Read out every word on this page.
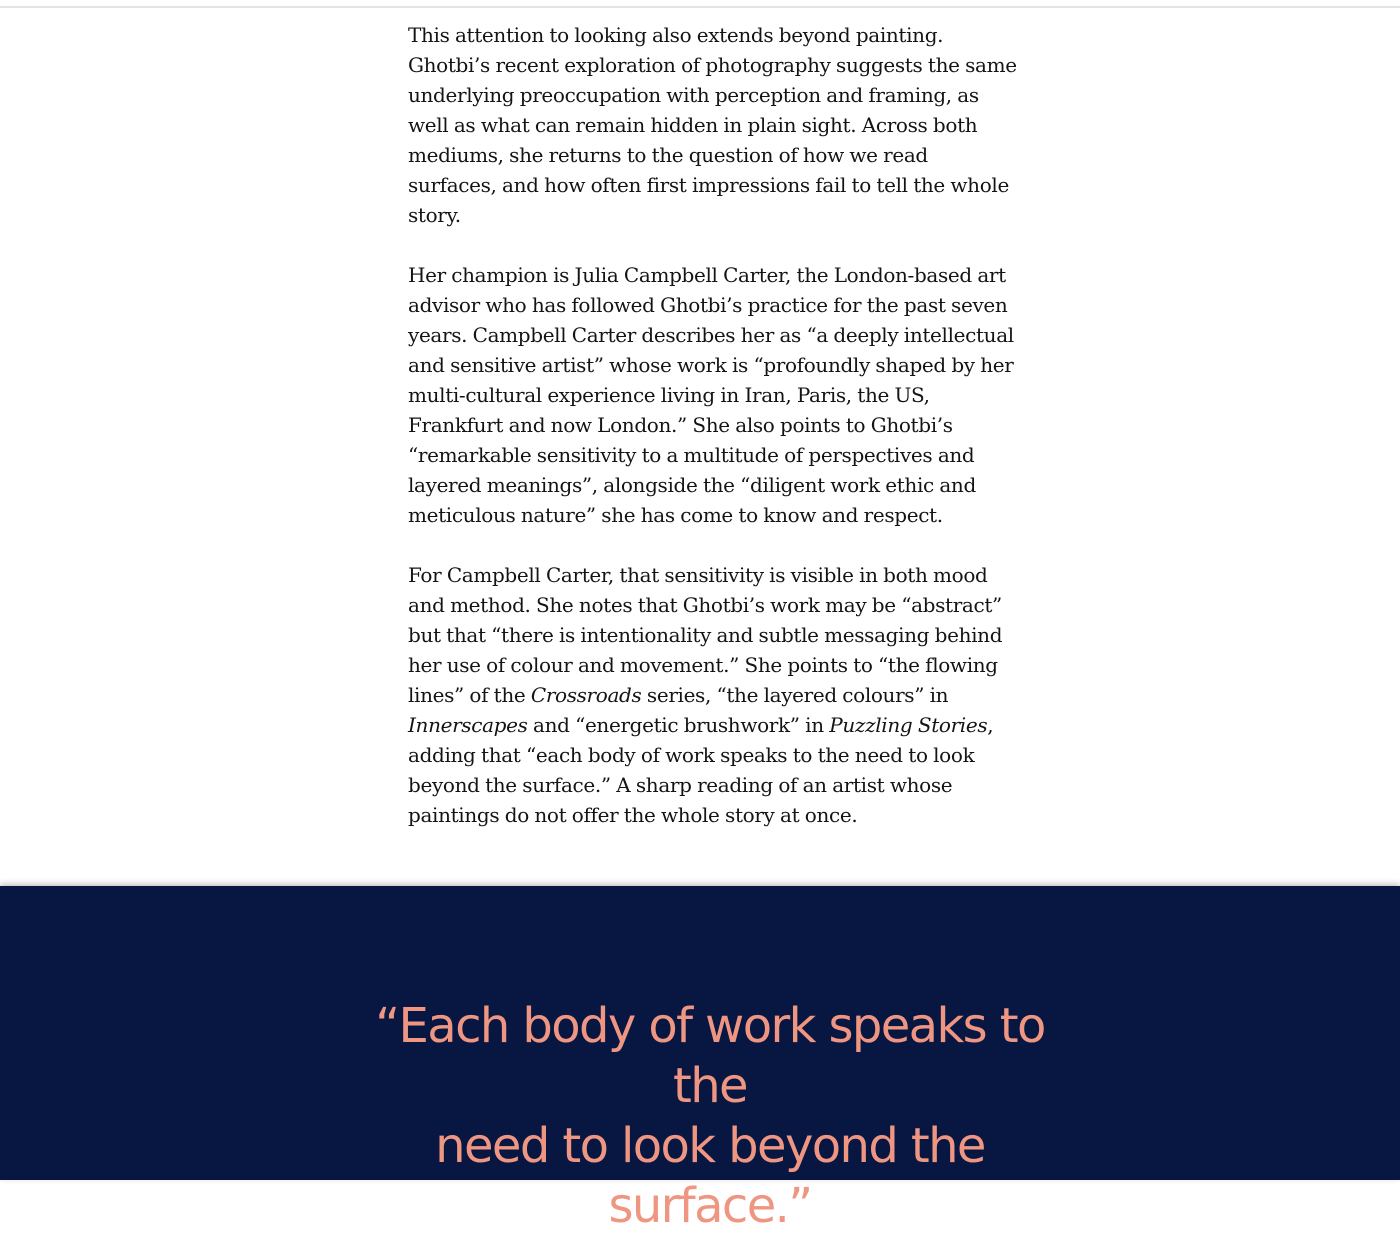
This attention to looking also extends beyond painting. Ghotbi’s recent exploration of photography suggests the same underlying preoccupation with perception and framing, as well as what can remain hidden in plain sight. Across both mediums, she returns to the question of how we read surfaces, and how often first impressions fail to tell the whole story.

Her champion is Julia Campbell Carter, the London-based art advisor who has followed Ghotbi’s practice for the past seven years. Campbell Carter describes her as “a deeply intellectual and sensitive artist” whose work is “profoundly shaped by her multi-cultural experience living in Iran, Paris, the US, Frankfurt and now London.” She also points to Ghotbi’s “remarkable sensitivity to a multitude of perspectives and layered meanings”, alongside the “diligent work ethic and meticulous nature” she has come to know and respect.

For Campbell Carter, that sensitivity is visible in both mood and method. She notes that Ghotbi’s work may be “abstract” but that “there is intentionality and subtle messaging behind her use of colour and movement.” She points to “the flowing lines” of the Crossroads series, “the layered colours” in Innerscapes and “energetic brushwork” in Puzzling Stories, adding that “each body of work speaks to the need to look beyond the surface.” A sharp reading of an artist whose paintings do not offer the whole story at once.

“Each body of work speaks to the
need to look beyond the surface.”
